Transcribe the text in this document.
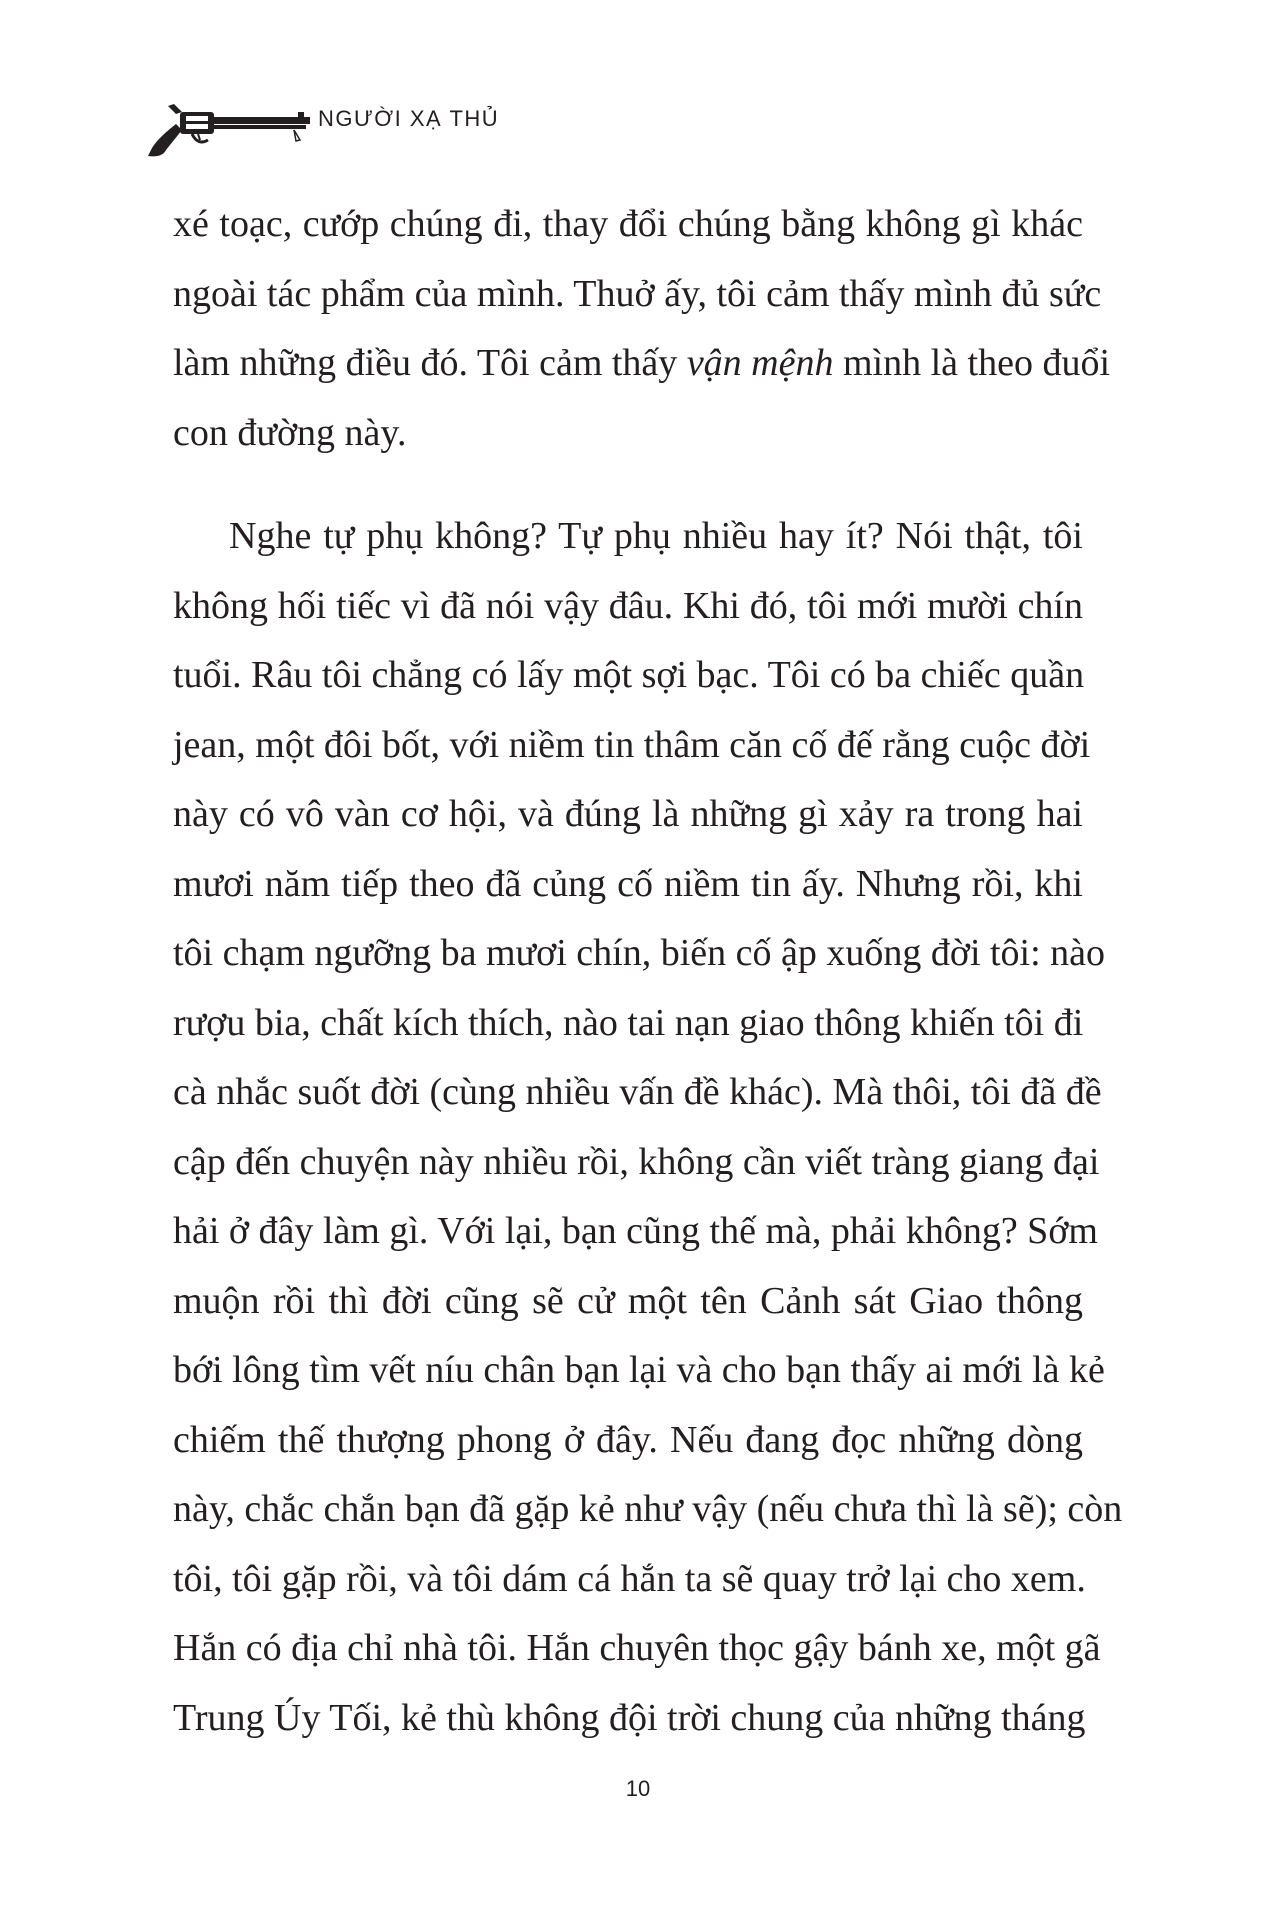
NGƯỜI XẠ THỦ

xé toạc, cướp chúng đi, thay đổi chúng bằng không gì khác
ngoài tác phẩm của mình. Thuở ấy, tôi cảm thấy mình đủ sức
làm những điều đó. Tôi cảm thấy vận mệnh mình là theo đuổi
con đường này.

Nghe tự phụ không? Tự phụ nhiều hay ít? Nói thật, tôi
không hối tiếc vì đã nói vậy đâu. Khi đó, tôi mới mười chín
tuổi. Râu tôi chẳng có lấy một sợi bạc. Tôi có ba chiếc quần
jean, một đôi bốt, với niềm tin thâm căn cố đế rằng cuộc đời
này có vô vàn cơ hội, và đúng là những gì xảy ra trong hai
mươi năm tiếp theo đã củng cố niềm tin ấy. Nhưng rồi, khi
tôi chạm ngưỡng ba mươi chín, biến cố ập xuống đời tôi: nào
rượu bia, chất kích thích, nào tai nạn giao thông khiến tôi đi
cà nhắc suốt đời (cùng nhiều vấn đề khác). Mà thôi, tôi đã đề
cập đến chuyện này nhiều rồi, không cần viết tràng giang đại
hải ở đây làm gì. Với lại, bạn cũng thế mà, phải không? Sớm
muộn rồi thì đời cũng sẽ cử một tên Cảnh sát Giao thông
bới lông tìm vết níu chân bạn lại và cho bạn thấy ai mới là kẻ
chiếm thế thượng phong ở đây. Nếu đang đọc những dòng
này, chắc chắn bạn đã gặp kẻ như vậy (nếu chưa thì là sẽ); còn
tôi, tôi gặp rồi, và tôi dám cá hắn ta sẽ quay trở lại cho xem.
Hắn có địa chỉ nhà tôi. Hắn chuyên thọc gậy bánh xe, một gã
Trung Úy Tối, kẻ thù không đội trời chung của những tháng

10
